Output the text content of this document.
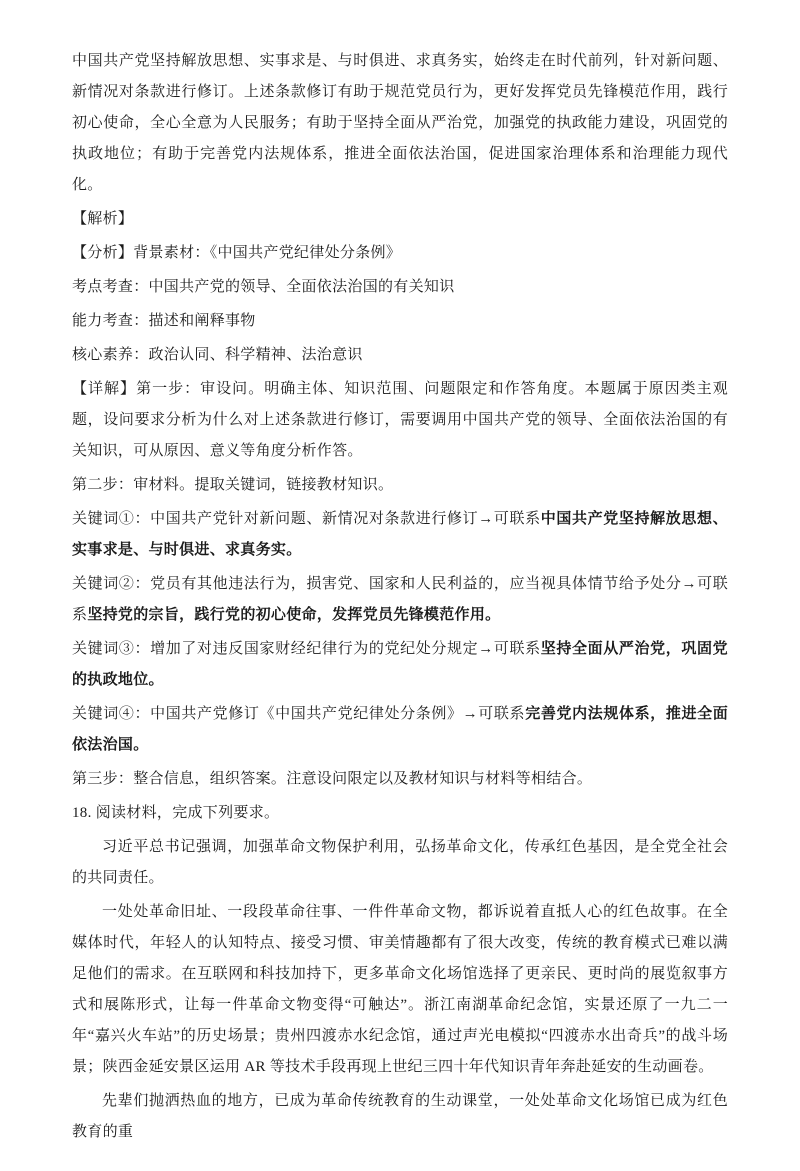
中国共产党坚持解放思想、实事求是、与时俱进、求真务实，始终走在时代前列，针对新问题、新情况对条款进行修订。上述条款修订有助于规范党员行为，更好发挥党员先锋模范作用，践行初心使命，全心全意为人民服务；有助于坚持全面从严治党，加强党的执政能力建设，巩固党的执政地位；有助于完善党内法规体系，推进全面依法治国，促进国家治理体系和治理能力现代化。

【解析】

【分析】背景素材：《中国共产党纪律处分条例》

考点考查：中国共产党的领导、全面依法治国的有关知识

能力考查：描述和阐释事物

核心素养：政治认同、科学精神、法治意识

【详解】第一步：审设问。明确主体、知识范围、问题限定和作答角度。本题属于原因类主观题，设问要求分析为什么对上述条款进行修订，需要调用中国共产党的领导、全面依法治国的有关知识，可从原因、意义等角度分析作答。

第二步：审材料。提取关键词，链接教材知识。

关键词①：中国共产党针对新问题、新情况对条款进行修订→可联系中国共产党坚持解放思想、实事求是、与时俱进、求真务实。

关键词②：党员有其他违法行为，损害党、国家和人民利益的，应当视具体情节给予处分→可联系坚持党的宗旨，践行党的初心使命，发挥党员先锋模范作用。

关键词③：增加了对违反国家财经纪律行为的党纪处分规定→可联系坚持全面从严治党，巩固党的执政地位。

关键词④：中国共产党修订《中国共产党纪律处分条例》→可联系完善党内法规体系，推进全面依法治国。

第三步：整合信息，组织答案。注意设问限定以及教材知识与材料等相结合。

18. 阅读材料，完成下列要求。

习近平总书记强调，加强革命文物保护利用，弘扬革命文化，传承红色基因，是全党全社会的共同责任。

一处处革命旧址、一段段革命往事、一件件革命文物，都诉说着直抵人心的红色故事。在全媒体时代，年轻人的认知特点、接受习惯、审美情趣都有了很大改变，传统的教育模式已难以满足他们的需求。在互联网和科技加持下，更多革命文化场馆选择了更亲民、更时尚的展览叙事方式和展陈形式，让每一件革命文物变得“可触达”。浙江南湖革命纪念馆，实景还原了一九二一年“嘉兴火车站”的历史场景；贵州四渡赤水纪念馆，通过声光电模拟“四渡赤水出奇兵”的战斗场景；陕西金延安景区运用 AR 等技术手段再现上世纪三四十年代知识青年奔赴延安的生动画卷。

先辈们抛洒热血的地方，已成为革命传统教育的生动课堂，一处处革命文化场馆已成为红色教育的重
